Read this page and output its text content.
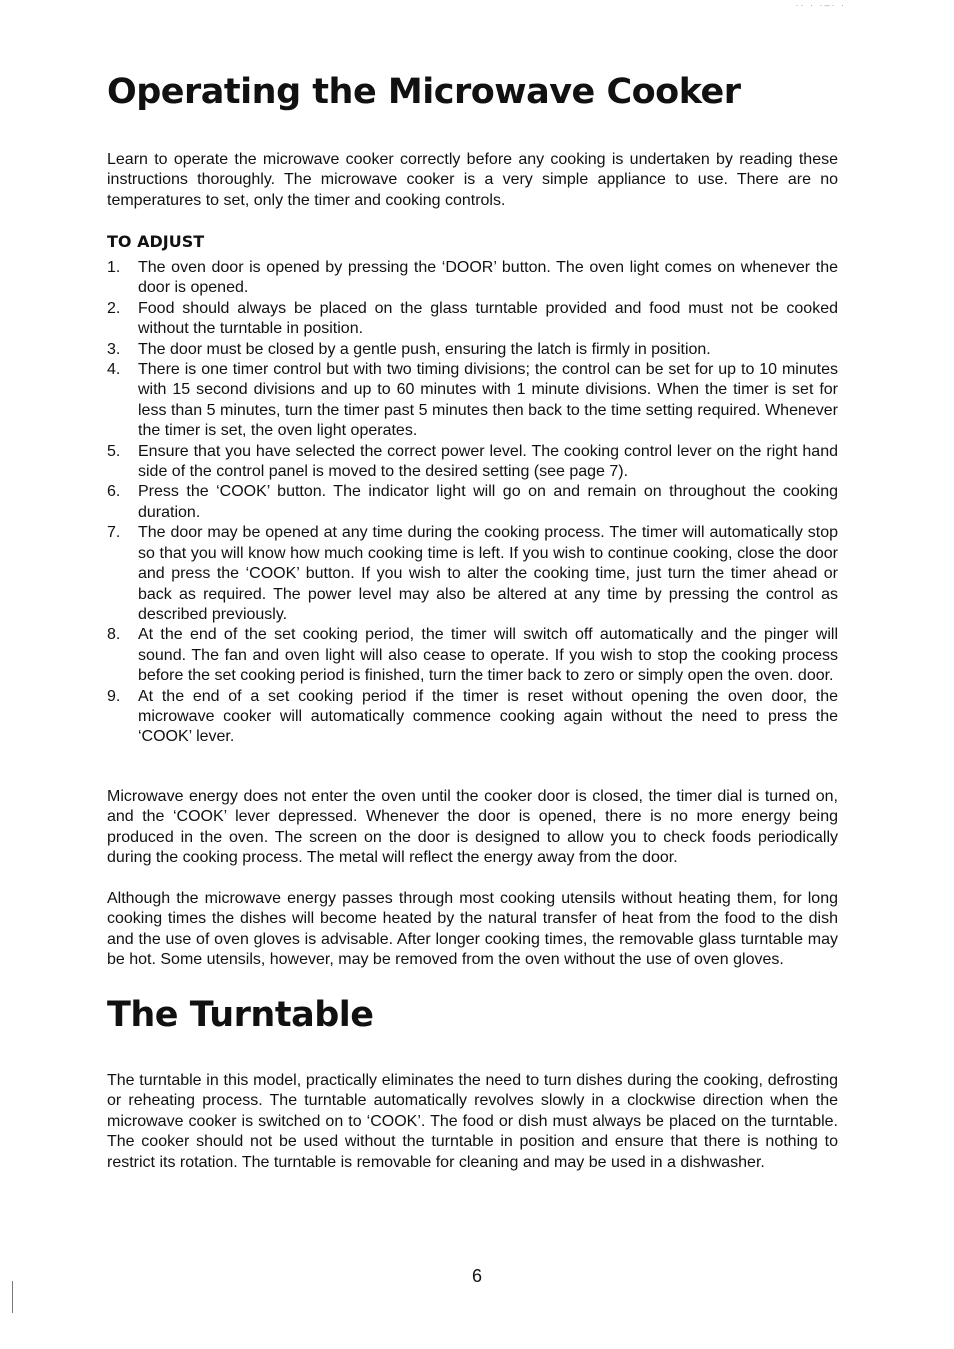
·· · ·–· ·
Operating the Microwave Cooker

Learn to operate the microwave cooker correctly before any cooking is undertaken by reading these instructions thoroughly. The microwave cooker is a very simple appliance to use. There are no temperatures to set, only the timer and cooking controls.

TO ADJUST
1. The oven door is opened by pressing the ‘DOOR’ button. The oven light comes on whenever the door is opened.
2. Food should always be placed on the glass turntable provided and food must not be cooked without the turntable in position.
3. The door must be closed by a gentle push, ensuring the latch is firmly in position.
4. There is one timer control but with two timing divisions; the control can be set for up to 10 minutes with 15 second divisions and up to 60 minutes with 1 minute divisions. When the timer is set for less than 5 minutes, turn the timer past 5 minutes then back to the time setting required. Whenever the timer is set, the oven light operates.
5. Ensure that you have selected the correct power level. The cooking control lever on the right hand side of the control panel is moved to the desired setting (see page 7).
6. Press the ‘COOK’ button. The indicator light will go on and remain on throughout the cooking duration.
7. The door may be opened at any time during the cooking process. The timer will automatically stop so that you will know how much cooking time is left. If you wish to continue cooking, close the door and press the ‘COOK’ button. If you wish to alter the cooking time, just turn the timer ahead or back as required. The power level may also be altered at any time by pressing the control as described previously.
8. At the end of the set cooking period, the timer will switch off automatically and the pinger will sound. The fan and oven light will also cease to operate. If you wish to stop the cooking process before the set cooking period is finished, turn the timer back to zero or simply open the oven. door.
9. At the end of a set cooking period if the timer is reset without opening the oven door, the microwave cooker will automatically commence cooking again without the need to press the ‘COOK’ lever.

Microwave energy does not enter the oven until the cooker door is closed, the timer dial is turned on, and the ‘COOK’ lever depressed. Whenever the door is opened, there is no more energy being produced in the oven. The screen on the door is designed to allow you to check foods periodically during the cooking process. The metal will reflect the energy away from the door.

Although the microwave energy passes through most cooking utensils without heating them, for long cooking times the dishes will become heated by the natural transfer of heat from the food to the dish and the use of oven gloves is advisable. After longer cooking times, the removable glass turntable may be hot. Some utensils, however, may be removed from the oven without the use of oven gloves.

The Turntable

The turntable in this model, practically eliminates the need to turn dishes during the cooking, defrosting or reheating process. The turntable automatically revolves slowly in a clockwise direction when the microwave cooker is switched on to ‘COOK’. The food or dish must always be placed on the turntable. The cooker should not be used without the turntable in position and ensure that there is nothing to restrict its rotation. The turntable is removable for cleaning and may be used in a dishwasher.

6
